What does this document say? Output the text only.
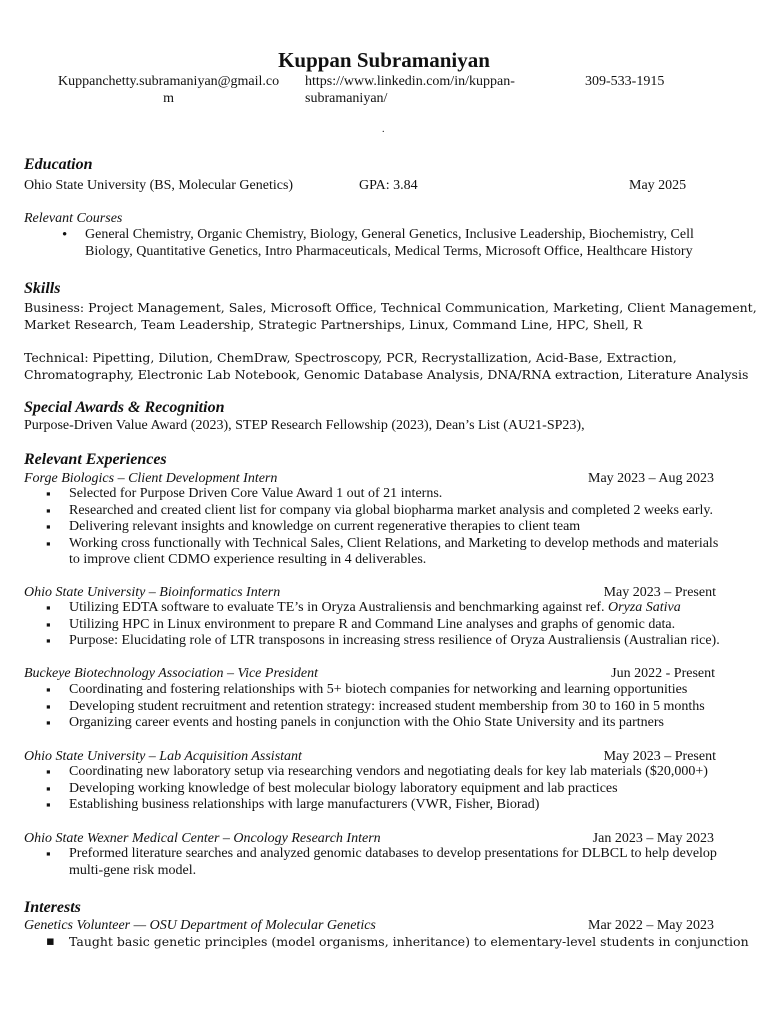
Kuppan Subramaniyan
Kuppanchetty.subramaniyan@gmail.co
m
https://www.linkedin.com/in/kuppan-
subramaniyan/
309-533-1915
.
Education
Ohio State University (BS, Molecular Genetics)	GPA: 3.84	May 2025
Relevant Courses
• General Chemistry, Organic Chemistry, Biology, General Genetics, Inclusive Leadership, Biochemistry, Cell
Biology, Quantitative Genetics, Intro Pharmaceuticals, Medical Terms, Microsoft Office, Healthcare History
Skills
Business: Project Management, Sales, Microsoft Office, Technical Communication, Marketing, Client Management,
Market Research, Team Leadership, Strategic Partnerships, Linux, Command Line, HPC, Shell, R
Technical: Pipetting, Dilution, ChemDraw, Spectroscopy, PCR, Recrystallization, Acid-Base, Extraction,
Chromatography, Electronic Lab Notebook, Genomic Database Analysis, DNA/RNA extraction, Literature Analysis
Special Awards & Recognition
Purpose-Driven Value Award (2023), STEP Research Fellowship (2023), Dean’s List (AU21-SP23),
Relevant Experiences
Forge Biologics – Client Development Intern	May 2023 – Aug 2023
▪ Selected for Purpose Driven Core Value Award 1 out of 21 interns.
▪ Researched and created client list for company via global biopharma market analysis and completed 2 weeks early.
▪ Delivering relevant insights and knowledge on current regenerative therapies to client team
▪ Working cross functionally with Technical Sales, Client Relations, and Marketing to develop methods and materials
to improve client CDMO experience resulting in 4 deliverables.
Ohio State University – Bioinformatics Intern	May 2023 – Present
▪ Utilizing EDTA software to evaluate TE’s in Oryza Australiensis and benchmarking against ref. Oryza Sativa
▪ Utilizing HPC in Linux environment to prepare R and Command Line analyses and graphs of genomic data.
▪ Purpose: Elucidating role of LTR transposons in increasing stress resilience of Oryza Australiensis (Australian rice).
Buckeye Biotechnology Association – Vice President	Jun 2022 - Present
▪ Coordinating and fostering relationships with 5+ biotech companies for networking and learning opportunities
▪ Developing student recruitment and retention strategy: increased student membership from 30 to 160 in 5 months
▪ Organizing career events and hosting panels in conjunction with the Ohio State University and its partners
Ohio State University – Lab Acquisition Assistant	May 2023 – Present
▪ Coordinating new laboratory setup via researching vendors and negotiating deals for key lab materials ($20,000+)
▪ Developing working knowledge of best molecular biology laboratory equipment and lab practices
▪ Establishing business relationships with large manufacturers (VWR, Fisher, Biorad)
Ohio State Wexner Medical Center – Oncology Research Intern	Jan 2023 – May 2023
▪ Preformed literature searches and analyzed genomic databases to develop presentations for DLBCL to help develop
multi-gene risk model.
Interests
Genetics Volunteer — OSU Department of Molecular Genetics	Mar 2022 – May 2023
▪ Taught basic genetic principles (model organisms, inheritance) to elementary-level students in conjunction
